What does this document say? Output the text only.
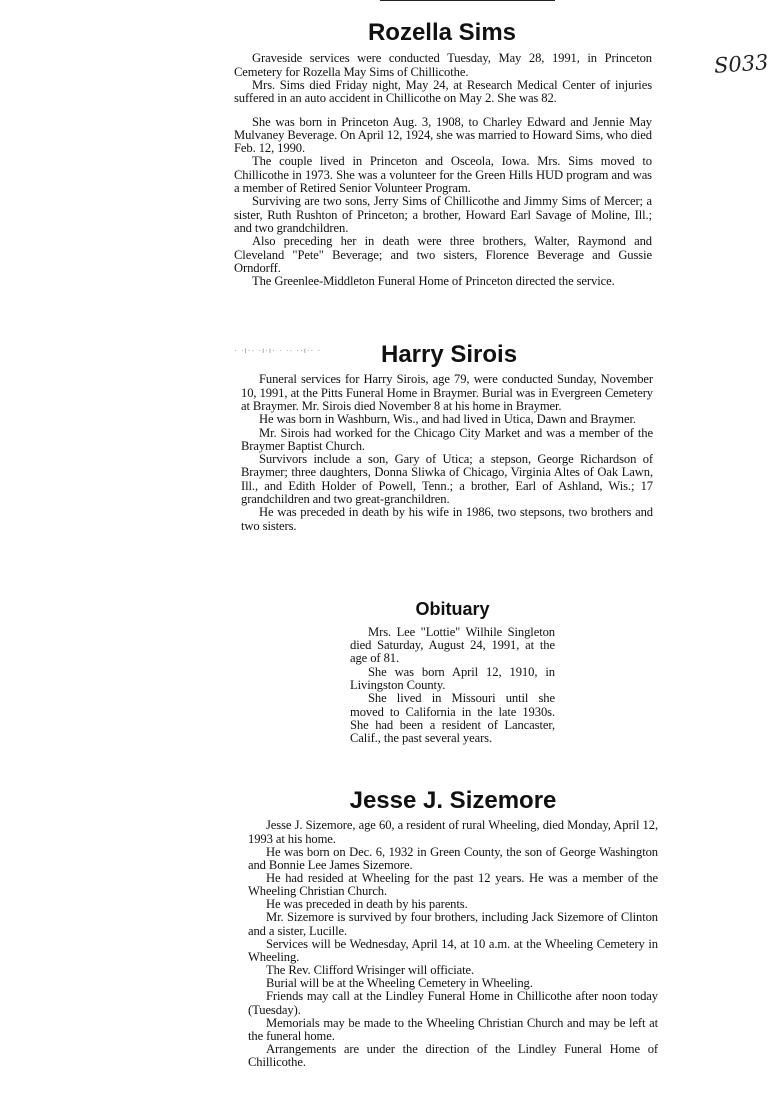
S033
· ·ı·· ·ı·ı· · ·· ··ı·· ·
Rozella Sims

Graveside services were conducted Tuesday, May 28, 1991, in Princeton Cemetery for Rozella May Sims of Chillicothe.

Mrs. Sims died Friday night, May 24, at Research Medical Center of injuries suffered in an auto accident in Chillicothe on May 2. She was 82.

She was born in Princeton Aug. 3, 1908, to Charley Edward and Jennie May Mulvaney Beverage. On April 12, 1924, she was married to Howard Sims, who died Feb. 12, 1990.

The couple lived in Princeton and Osceola, Iowa. Mrs. Sims moved to Chillicothe in 1973. She was a volunteer for the Green Hills HUD program and was a member of Retired Senior Volunteer Program.

Surviving are two sons, Jerry Sims of Chillicothe and Jimmy Sims of Mercer; a sister, Ruth Rushton of Princeton; a brother, Howard Earl Savage of Moline, Ill.; and two grandchildren.

Also preceding her in death were three brothers, Walter, Raymond and Cleveland "Pete" Beverage; and two sisters, Florence Beverage and Gussie Orndorff.

The Greenlee-Middleton Funeral Home of Princeton directed the service.

Harry Sirois

Funeral services for Harry Sirois, age 79, were conducted Sunday, November 10, 1991, at the Pitts Funeral Home in Braymer. Burial was in Evergreen Cemetery at Braymer. Mr. Sirois died November 8 at his home in Braymer.

He was born in Washburn, Wis., and had lived in Utica, Dawn and Braymer.

Mr. Sirois had worked for the Chicago City Market and was a member of the Braymer Baptist Church.

Survivors include a son, Gary of Utica; a stepson, George Richardson of Braymer; three daughters, Donna Sliwka of Chicago, Virginia Altes of Oak Lawn, Ill., and Edith Holder of Powell, Tenn.; a brother, Earl of Ashland, Wis.; 17 grandchildren and two great-granchildren.

He was preceded in death by his wife in 1986, two stepsons, two brothers and two sisters.

Obituary

Mrs. Lee "Lottie" Wilhile Singleton died Saturday, August 24, 1991, at the age of 81.

She was born April 12, 1910, in Livingston County.

She lived in Missouri until she moved to California in the late 1930s. She had been a resident of Lancaster, Calif., the past several years.

Jesse J. Sizemore

Jesse J. Sizemore, age 60, a resident of rural Wheeling, died Monday, April 12, 1993 at his home.

He was born on Dec. 6, 1932 in Green County, the son of George Washington and Bonnie Lee James Sizemore.

He had resided at Wheeling for the past 12 years. He was a member of the Wheeling Christian Church.

He was preceded in death by his parents.

Mr. Sizemore is survived by four brothers, including Jack Sizemore of Clinton and a sister, Lucille.

Services will be Wednesday, April 14, at 10 a.m. at the Wheeling Cemetery in Wheeling.

The Rev. Clifford Wrisinger will officiate.

Burial will be at the Wheeling Cemetery in Wheeling.

Friends may call at the Lindley Funeral Home in Chillicothe after noon today (Tuesday).

Memorials may be made to the Wheeling Christian Church and may be left at the funeral home.

Arrangements are under the direction of the Lindley Funeral Home of Chillicothe.
